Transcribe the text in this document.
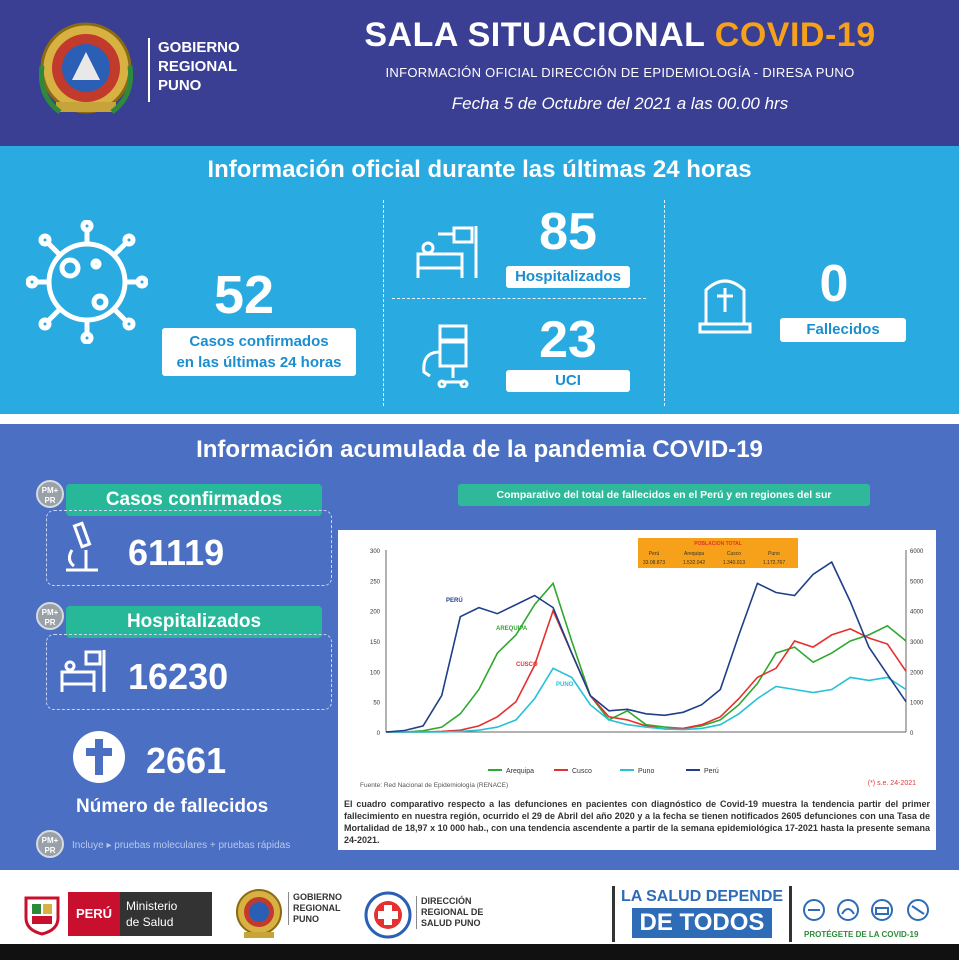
GOBIERNO
REGIONAL
PUNO
SALA SITUACIONAL COVID-19
INFORMACIÓN OFICIAL DIRECCIÓN DE EPIDEMIOLOGÍA - DIRESA PUNO
Fecha 5 de Octubre del 2021 a las 00.00 hrs
Información oficial durante las últimas 24 horas
52
Casos confirmados
en las últimas 24 horas
85
Hospitalizados
23
UCI
0
Fallecidos
Información acumulada de la pandemia COVID-19
PM+
PR	Casos confirmados
61119
PM+
PR	Hospitalizados
16230
2661
Número de fallecidos
PM+
PR	Incluye ▸ pruebas moleculares + pruebas rápidas
Comparativo del total de fallecidos en el Perú y en regiones del sur
0
50
100
150
200
250
300
0
1000
2000
3000
4000
5000
6000
PERÚ
AREQUIPA
CUSCO
PUNO
Arequipa	Cusco	Puno	Perú
POBLACION TOTAL
Perú
33.08.873
Arequipa
1.532.042
Cusco
1.340.013
Puno
1.172.767
Fuente: Red Nacional de Epidemiología (RENACE)	(*) s.e. 24-2021
El cuadro comparativo respecto a las defunciones en pacientes con diagnóstico de Covid-19 muestra la tendencia partir del primer fallecimiento en nuestra región, ocurrido el 29 de Abril del año 2020 y a la fecha se tienen notificados 2605 defunciones con una Tasa de Mortalidad de 18,97 x 10 000 hab., con una tendencia ascendente a partir de la semana epidemiológica 17-2021 hasta la presente semana 24-2021.
PERÚ	Ministerio
de Salud
GOBIERNO
REGIONAL
PUNO
DIRECCIÓN
REGIONAL DE
SALUD PUNO
LA SALUD DEPENDE
DE TODOS	PROTÉGETE DE LA COVID-19
